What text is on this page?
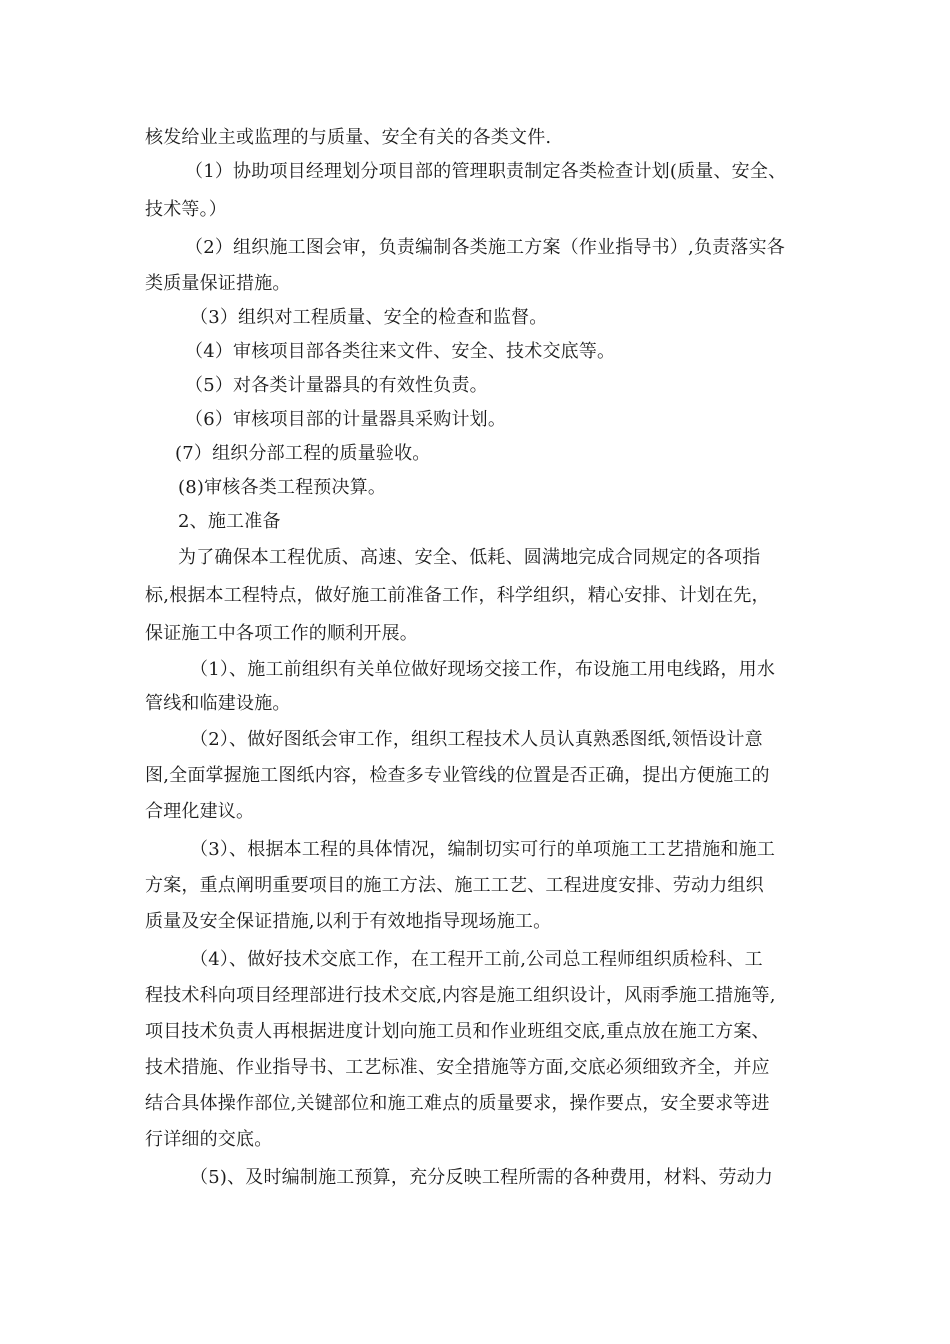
核发给业主或监理的与质量、安全有关的各类文件.
（1）协助项目经理划分项目部的管理职责制定各类检查计划(质量、安全、
技术等。）
（2）组织施工图会审，负责编制各类施工方案（作业指导书）,负责落实各
类质量保证措施。
（3）组织对工程质量、安全的检查和监督。
（4）审核项目部各类往来文件、安全、技术交底等。
（5）对各类计量器具的有效性负责。
（6）审核项目部的计量器具采购计划。
(7）组织分部工程的质量验收。
(8)审核各类工程预决算。
2、施工准备
为了确保本工程优质、高速、安全、低耗、圆满地完成合同规定的各项指
标,根据本工程特点，做好施工前准备工作，科学组织，精心安排、计划在先，
保证施工中各项工作的顺利开展。
（1）、施工前组织有关单位做好现场交接工作，布设施工用电线路，用水
管线和临建设施。
（2）、做好图纸会审工作，组织工程技术人员认真熟悉图纸,领悟设计意
图,全面掌握施工图纸内容，检查多专业管线的位置是否正确，提出方便施工的
合理化建议。
（3）、根据本工程的具体情况，编制切实可行的单项施工工艺措施和施工
方案，重点阐明重要项目的施工方法、施工工艺、工程进度安排、劳动力组织
质量及安全保证措施,以利于有效地指导现场施工。
（4）、做好技术交底工作，在工程开工前,公司总工程师组织质检科、工
程技术科向项目经理部进行技术交底,内容是施工组织设计，风雨季施工措施等,
项目技术负责人再根据进度计划向施工员和作业班组交底,重点放在施工方案、
技术措施、作业指导书、工艺标准、安全措施等方面,交底必须细致齐全，并应
结合具体操作部位,关键部位和施工难点的质量要求，操作要点，安全要求等进
行详细的交底。
（5)、及时编制施工预算，充分反映工程所需的各种费用，材料、劳动力
